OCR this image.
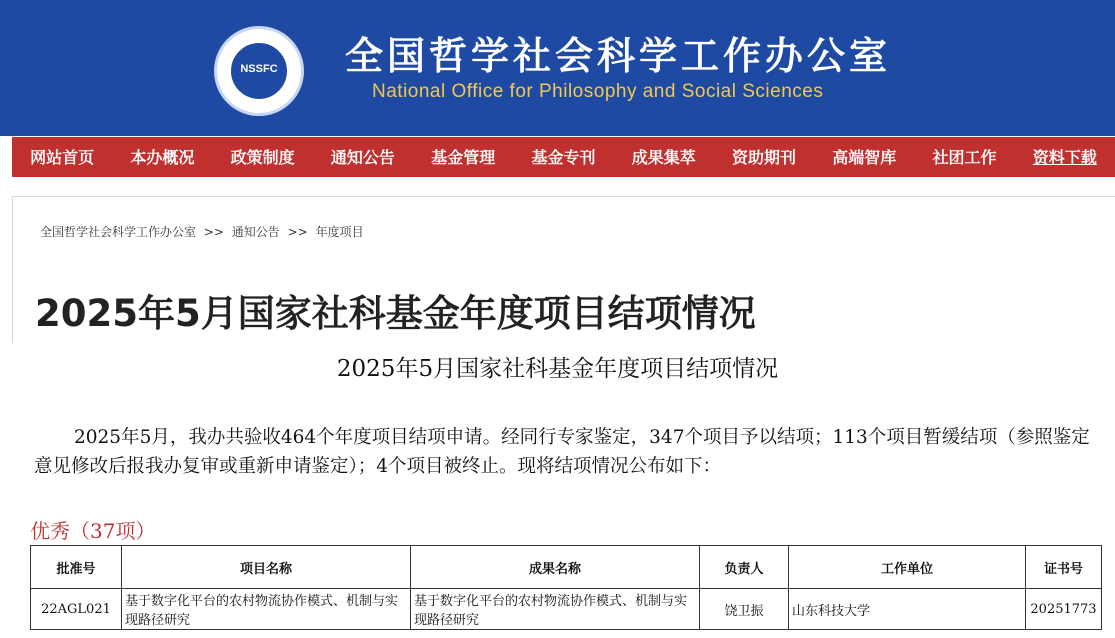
NSSFC 全国哲学社会科学工作办公室
National Office for Philosophy and Social Sciences
网站首页	本办概况	政策制度	通知公告	基金管理	基金专刊	成果集萃	资助期刊	高端智库	社团工作	资料下载
全国哲学社会科学工作办公室 >> 通知公告 >> 年度项目
2025年5月国家社科基金年度项目结项情况
2025年5月国家社科基金年度项目结项情况
2025年5月，我办共验收464个年度项目结项申请。经同行专家鉴定，347个项目予以结项；113个项目暂缓结项（参照鉴定意见修改后报我办复审或重新申请鉴定）；4个项目被终止。现将结项情况公布如下：
优秀（37项）
批准号	项目名称	成果名称	负责人	工作单位	证书号
22AGL021	基于数字化平台的农村物流协作模式、机制与实现路径研究	基于数字化平台的农村物流协作模式、机制与实现路径研究	饶卫振	山东科技大学	20251773
